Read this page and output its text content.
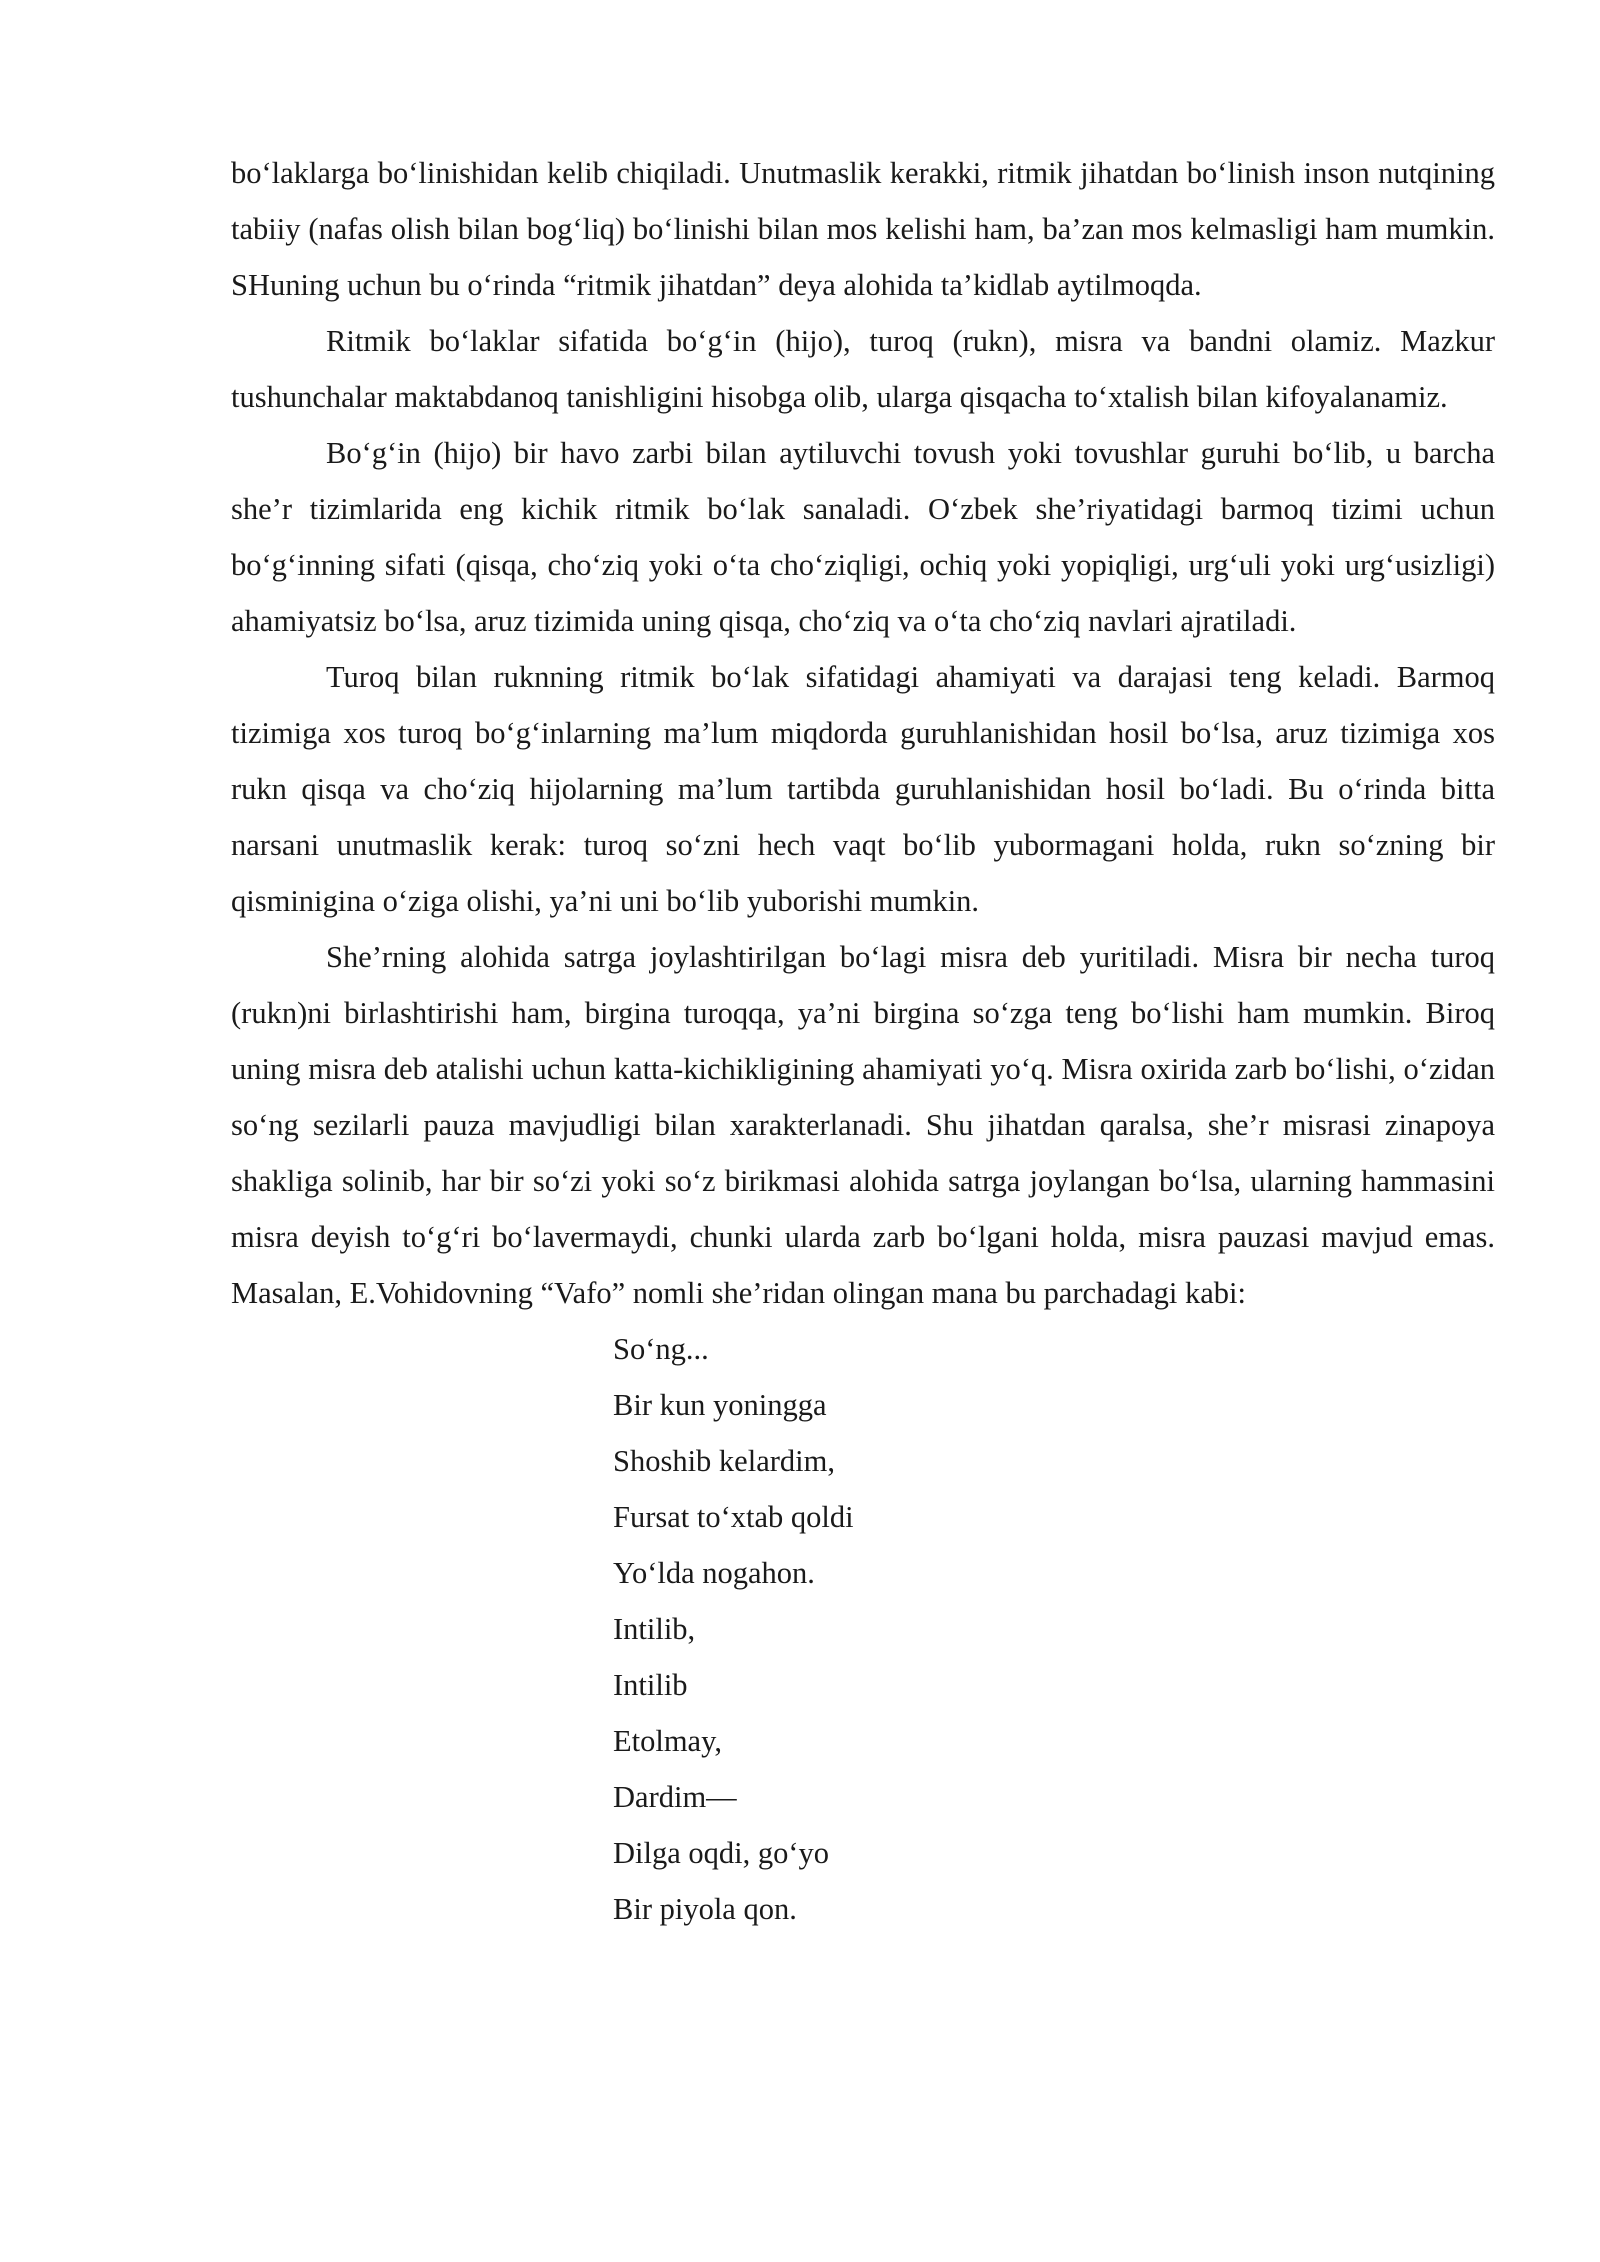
bo‘laklarga bo‘linishidan kelib chiqiladi. Unutmaslik kerakki, ritmik jihatdan bo‘linish inson nutqining tabiiy (nafas olish bilan bog‘liq) bo‘linishi bilan mos kelishi ham, ba’zan mos kelmasligi ham mumkin. SHuning uchun bu o‘rinda “ritmik jihatdan” deya alohida ta’kidlab aytilmoqda.

Ritmik bo‘laklar sifatida bo‘g‘in (hijo), turoq (rukn), misra va bandni olamiz. Mazkur tushunchalar maktabdanoq tanishligini hisobga olib, ularga qisqacha to‘xtalish bilan kifoyalanamiz.

Bo‘g‘in (hijo) bir havo zarbi bilan aytiluvchi tovush yoki tovushlar guruhi bo‘lib, u barcha she’r tizimlarida eng kichik ritmik bo‘lak sanaladi. O‘zbek she’riyatidagi barmoq tizimi uchun bo‘g‘inning sifati (qisqa, cho‘ziq yoki o‘ta cho‘ziqligi, ochiq yoki yopiqligi, urg‘uli yoki urg‘usizligi) ahamiyatsiz bo‘lsa, aruz tizimida uning qisqa, cho‘ziq va o‘ta cho‘ziq navlari ajratiladi.

Turoq bilan ruknning ritmik bo‘lak sifatidagi ahamiyati va darajasi teng keladi. Barmoq tizimiga xos turoq bo‘g‘inlarning ma’lum miqdorda guruhlanishidan hosil bo‘lsa, aruz tizimiga xos rukn qisqa va cho‘ziq hijolarning ma’lum tartibda guruhlanishidan hosil bo‘ladi. Bu o‘rinda bitta narsani unutmaslik kerak: turoq so‘zni hech vaqt bo‘lib yubormagani holda, rukn so‘zning bir qisminigina o‘ziga olishi, ya’ni uni bo‘lib yuborishi mumkin.

She’rning alohida satrga joylashtirilgan bo‘lagi misra deb yuritiladi. Misra bir necha turoq (rukn)ni birlashtirishi ham, birgina turoqqa, ya’ni birgina so‘zga teng bo‘lishi ham mumkin. Biroq uning misra deb atalishi uchun katta-kichikligining ahamiyati yo‘q. Misra oxirida zarb bo‘lishi, o‘zidan so‘ng sezilarli pauza mavjudligi bilan xarakterlanadi. Shu jihatdan qaralsa, she’r misrasi zinapoya shakliga solinib, har bir so‘zi yoki so‘z birikmasi alohida satrga joylangan bo‘lsa, ularning hammasini misra deyish to‘g‘ri bo‘lavermaydi, chunki ularda zarb bo‘lgani holda, misra pauzasi mavjud emas. Masalan, E.Vohidovning “Vafo” nomli she’ridan olingan mana bu parchadagi kabi:

So‘ng...
Bir kun yoningga
Shoshib kelardim,
Fursat to‘xtab qoldi
Yo‘lda nogahon.
Intilib,
Intilib
Etolmay,
Dardim—
Dilga oqdi, go‘yo
Bir piyola qon.
